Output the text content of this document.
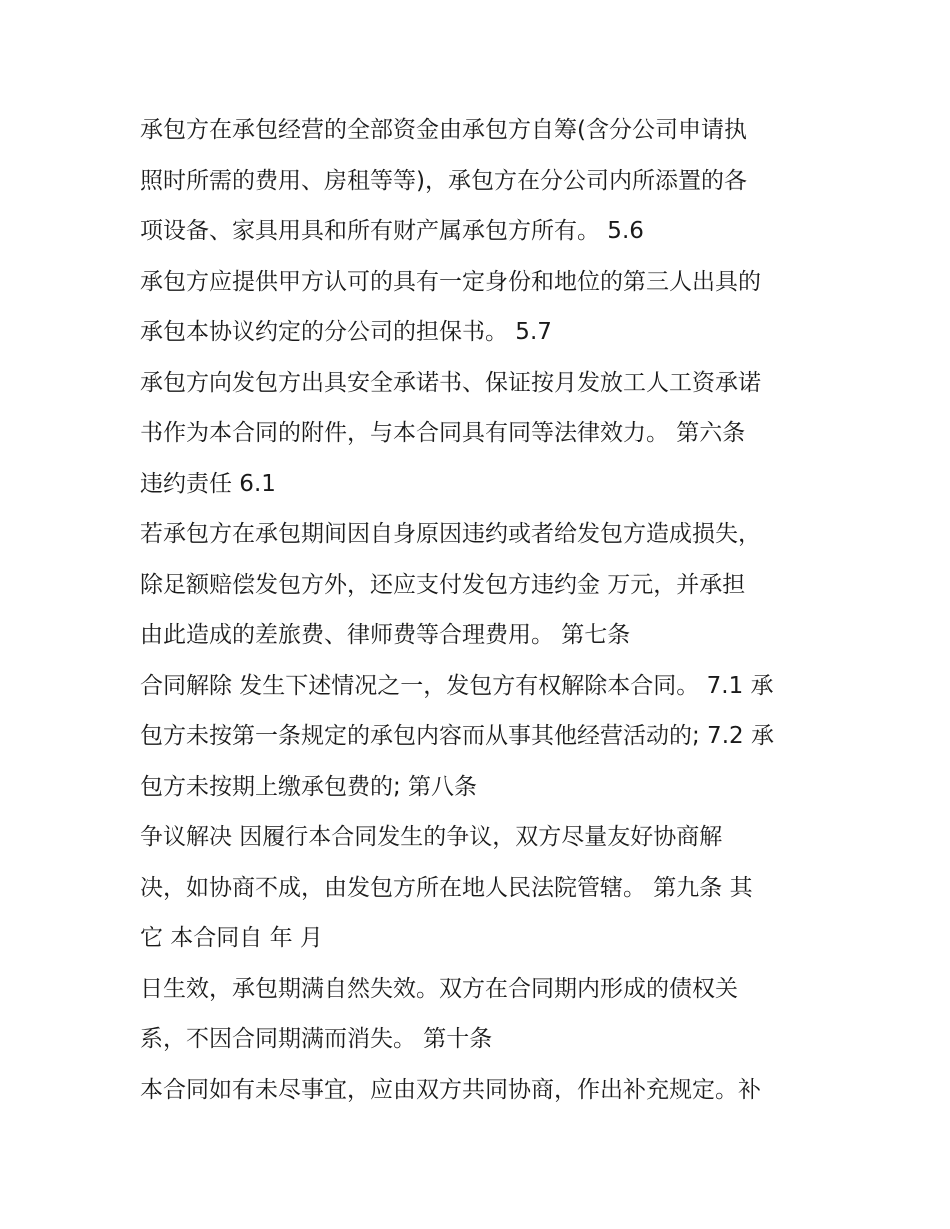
承包方在承包经营的全部资金由承包方自筹(含分公司申请执
照时所需的费用、房租等等)，承包方在分公司内所添置的各
项设备、家具用具和所有财产属承包方所有。 5.6
承包方应提供甲方认可的具有一定身份和地位的第三人出具的
承包本协议约定的分公司的担保书。 5.7
承包方向发包方出具安全承诺书、保证按月发放工人工资承诺
书作为本合同的附件，与本合同具有同等法律效力。 第六条
违约责任 6.1
若承包方在承包期间因自身原因违约或者给发包方造成损失，
除足额赔偿发包方外，还应支付发包方违约金 万元，并承担
由此造成的差旅费、律师费等合理费用。 第七条
合同解除 发生下述情况之一，发包方有权解除本合同。 7.1 承
包方未按第一条规定的承包内容而从事其他经营活动的; 7.2 承
包方未按期上缴承包费的; 第八条
争议解决 因履行本合同发生的争议，双方尽量友好协商解
决，如协商不成，由发包方所在地人民法院管辖。 第九条 其
它 本合同自 年 月
日生效，承包期满自然失效。双方在合同期内形成的债权关
系，不因合同期满而消失。 第十条
本合同如有未尽事宜，应由双方共同协商，作出补充规定。补
